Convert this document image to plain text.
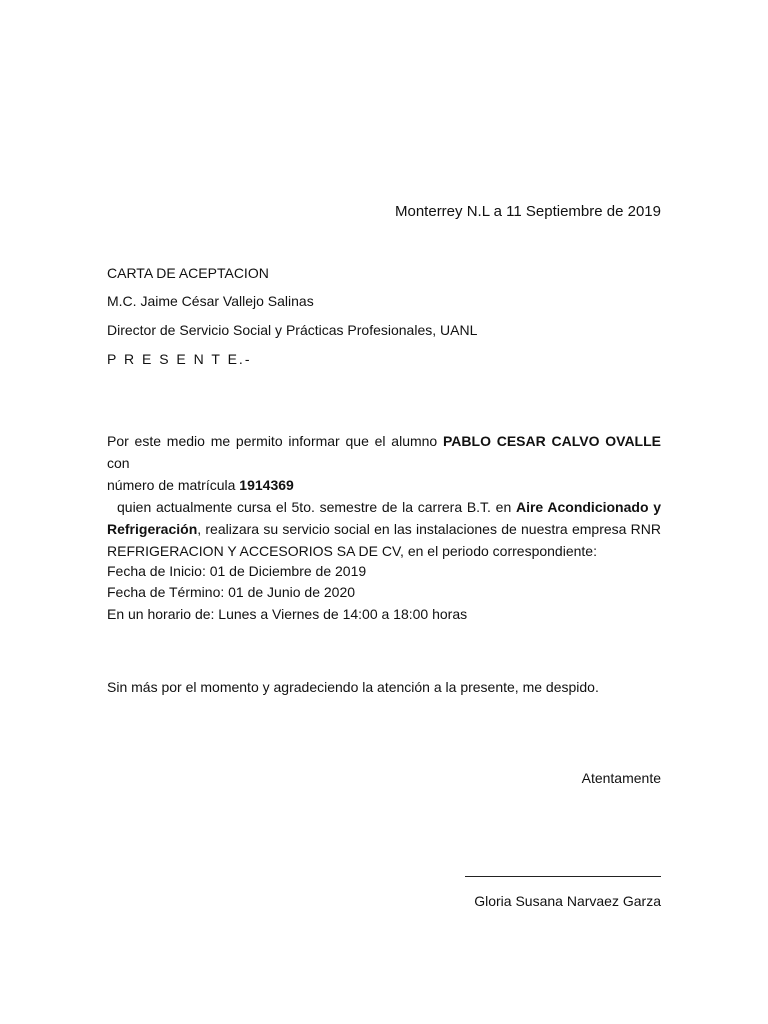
Monterrey N.L a 11 Septiembre de 2019
CARTA DE ACEPTACION
M.C. Jaime César Vallejo Salinas
Director de Servicio Social y Prácticas Profesionales, UANL
P R E S E N T E.-
Por este medio me permito informar que el alumno PABLO CESAR CALVO OVALLE con
número de matrícula 1914369
quien actualmente cursa el 5to. semestre de la carrera B.T. en Aire Acondicionado y
Refrigeración, realizara su servicio social en las instalaciones de nuestra empresa RNR
REFRIGERACION Y ACCESORIOS SA DE CV, en el periodo correspondiente:
Fecha de Inicio: 01 de Diciembre de 2019
Fecha de Término: 01 de Junio de 2020
En un horario de: Lunes a Viernes de 14:00 a 18:00 horas
Sin más por el momento y agradeciendo la atención a la presente, me despido.
Atentamente
Gloria Susana Narvaez Garza
